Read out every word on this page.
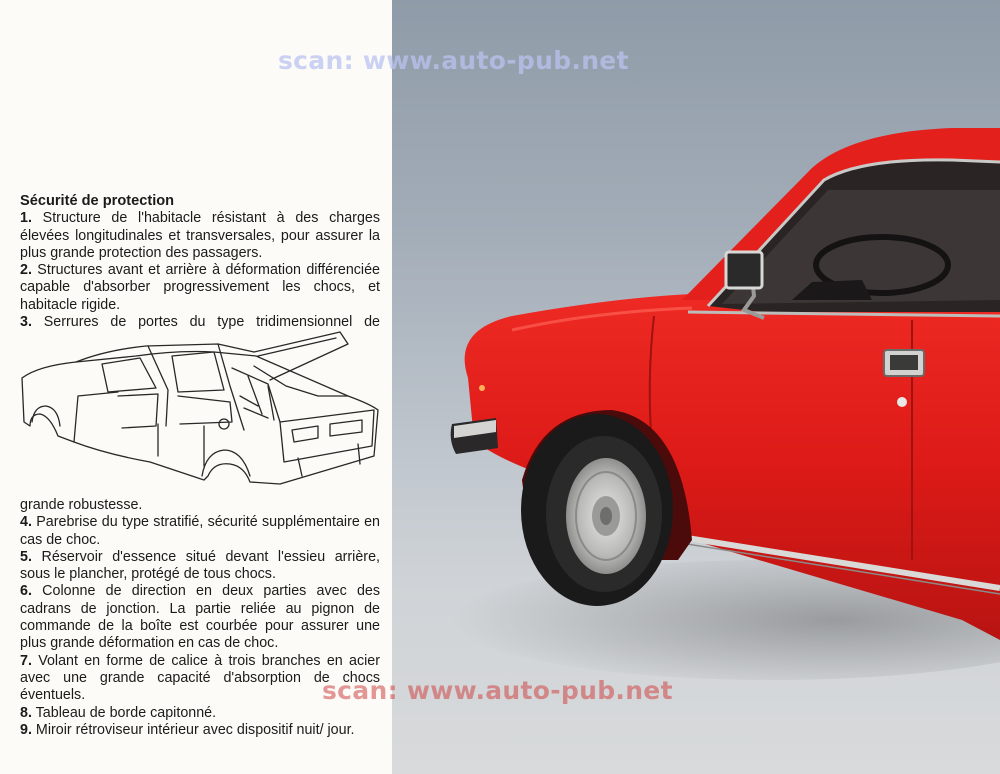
Sécurité de protection

1. Structure de l'habitacle résistant à des charges élevées longitudinales et transversales, pour assurer la plus grande protection des passagers.

2. Structures avant et arrière à déformation différenciée capable d'absorber progressivement les chocs, et habitacle rigide.

3. Serrures de portes du type tridimensionnel de

grande robustesse.

4. Parebrise du type stratifié, sécurité supplémentaire en cas de choc.

5. Réservoir d'essence situé devant l'essieu arrière, sous le plancher, protégé de tous chocs.

6. Colonne de direction en deux parties avec des cadrans de jonction. La partie reliée au pignon de commande de la boîte est courbée pour assurer une plus grande déformation en cas de choc.

7. Volant en forme de calice à trois branches en acier avec une grande capacité d'absorption de chocs éventuels.

8. Tableau de borde capitonné.

9. Miroir rétroviseur intérieur avec dispositif nuit/ jour.

scan: www.auto-pub.net
scan: www.auto-pub.net
